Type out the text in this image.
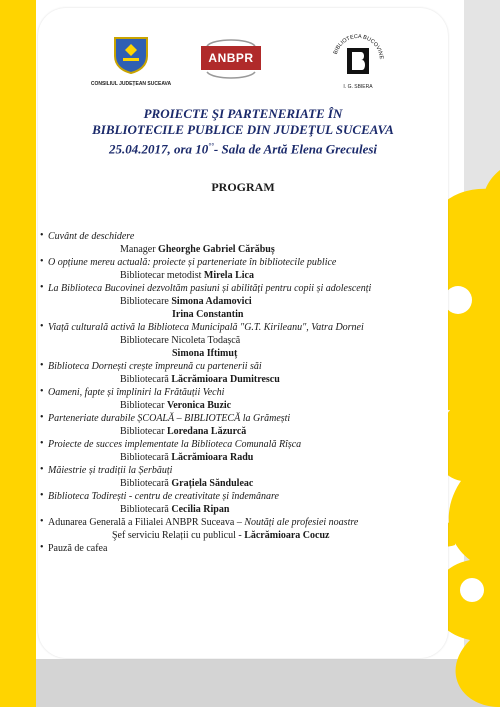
CONSILIUL JUDEȚEAN SUCEAVA
ANBPR	BIBLIOTECA BUCOVINE
I. G. SBIERA
PROIECTE ŞI PARTENERIATE ÎN
BIBLIOTECILE PUBLICE DIN JUDEŢUL SUCEAVA
25.04.2017, ora 10°°- Sala de Artă Elena Greculesi
PROGRAM
• Cuvânt de deschidere
Manager Gheorghe Gabriel Cărăbuș
• O opțiune mereu actuală: proiecte și parteneriate în bibliotecile publice
Bibliotecar metodist Mirela Lica
• La Biblioteca Bucovinei dezvoltăm pasiuni și abilități pentru copii și adolescenți
Bibliotecare Simona Adamovici
Irina Constantin
• Viață culturală activă la Biblioteca Municipală "G.T. Kirileanu", Vatra Dornei
Bibliotecare Nicoleta Todașcă
Simona Iftimuț
• Biblioteca Dornești crește împreună cu partenerii săi
Bibliotecară Lăcrămioara Dumitrescu
• Oameni, fapte și împliniri la Frătăuții Vechi
Bibliotecar Veronica Buzic
• Parteneriate durabile ȘCOALĂ – BIBLIOTECĂ la Grămești
Bibliotecar Loredana Lăzurcă
• Proiecte de succes implementate la Biblioteca Comunală Rîșca
Bibliotecară Lăcrămioara Radu
• Măiestrie și tradiții la Șerbăuți
Bibliotecară Grațiela Sănduleac
• Biblioteca Todirești - centru de creativitate și îndemânare
Bibliotecară Cecilia Ripan
• Adunarea Generală a Filialei ANBPR Suceava – Noutăți ale profesiei noastre
Şef serviciu Relații cu publicul - Lăcrămioara Cocuz
• Pauză de cafea
